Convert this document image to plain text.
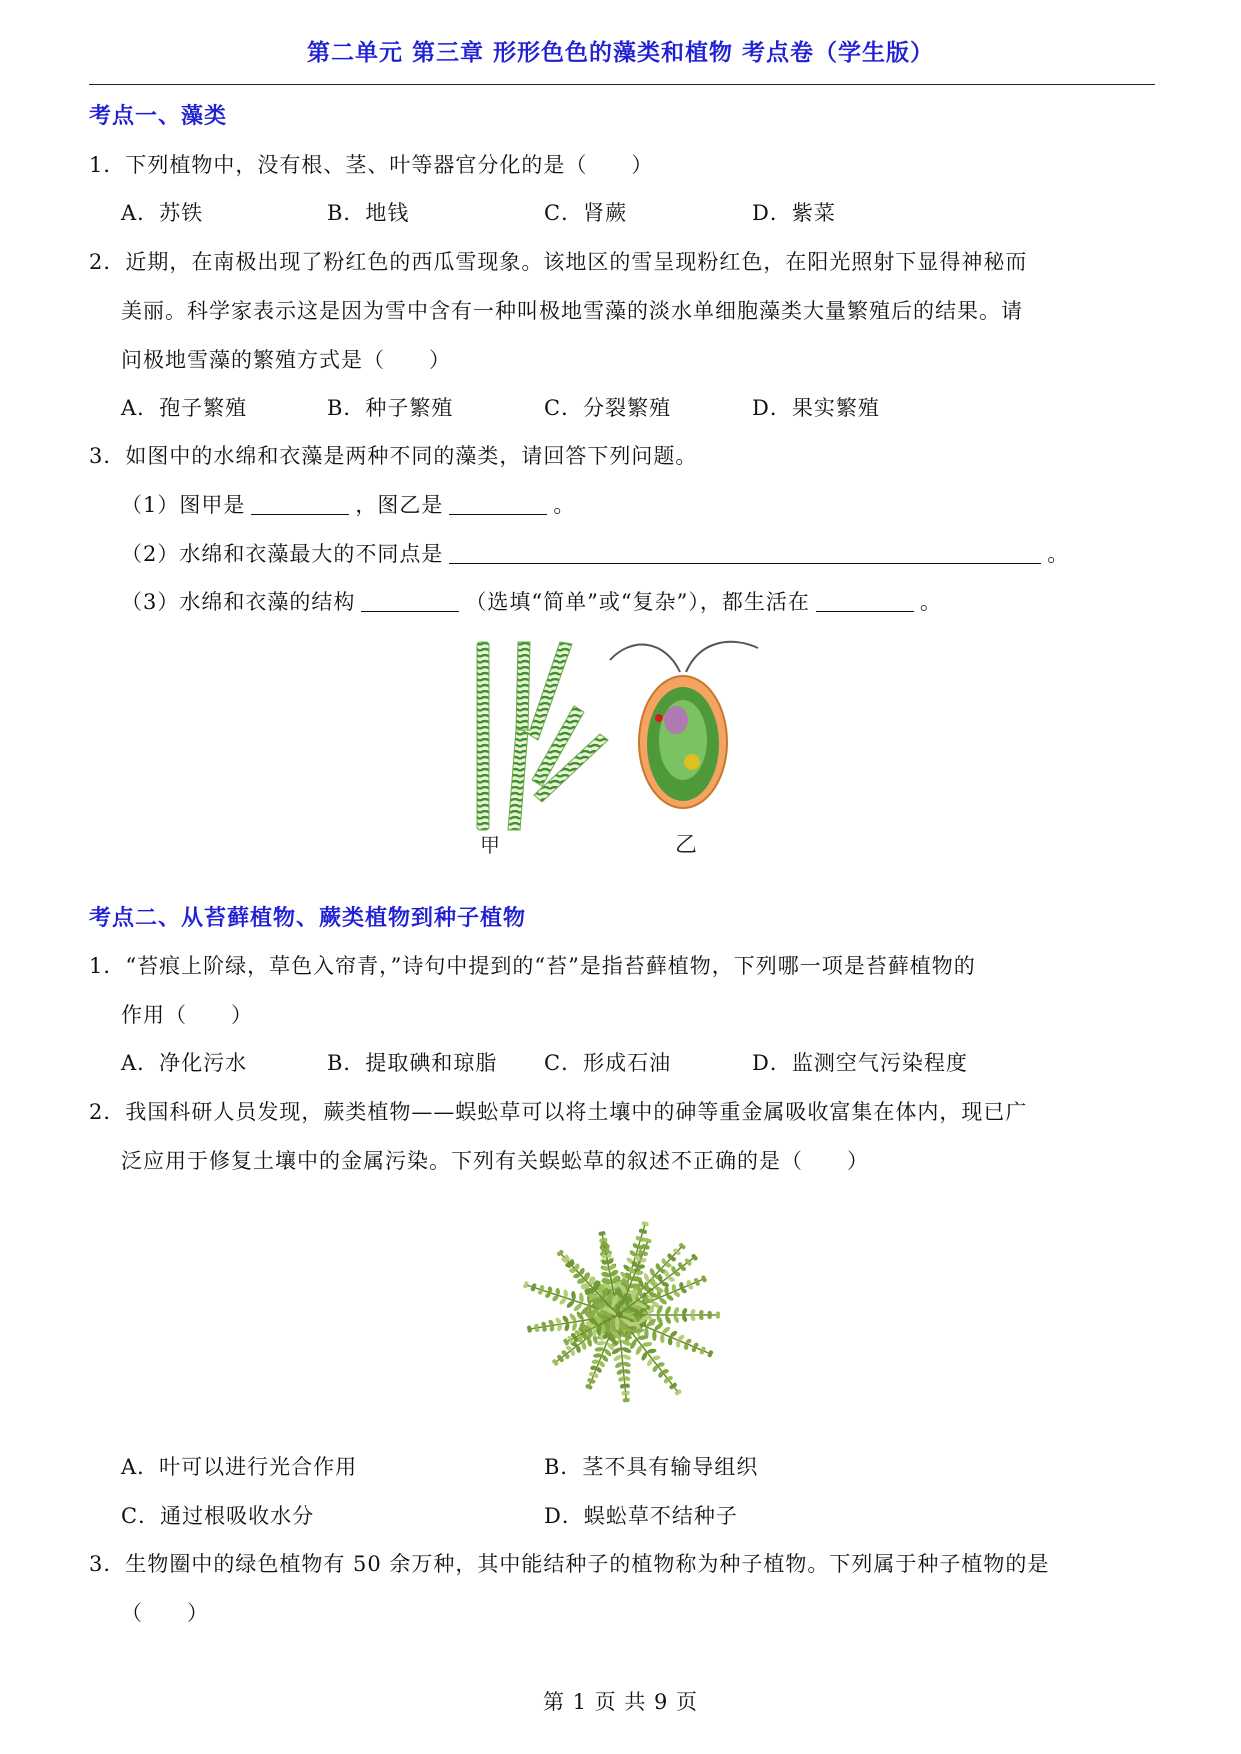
第二单元 第三章 形形色色的藻类和植物 考点卷（学生版）
考点一、藻类
1．下列植物中，没有根、茎、叶等器官分化的是（　　）
A．苏铁	B．地钱	C．肾蕨	D．紫菜
2．近期，在南极出现了粉红色的西瓜雪现象。该地区的雪呈现粉红色，在阳光照射下显得神秘而
美丽。科学家表示这是因为雪中含有一种叫极地雪藻的淡水单细胞藻类大量繁殖后的结果。请
问极地雪藻的繁殖方式是（　　）
A．孢子繁殖	B．种子繁殖	C．分裂繁殖	D．果实繁殖
3．如图中的水绵和衣藻是两种不同的藻类，请回答下列问题。
（1）图甲是	，图乙是	。
（2）水绵和衣藻最大的不同点是	。
（3）水绵和衣藻的结构	（选填“简单”或“复杂”），都生活在	。
甲	乙
考点二、从苔藓植物、蕨类植物到种子植物
1．“苔痕上阶绿，草色入帘青，”诗句中提到的“苔”是指苔藓植物，下列哪一项是苔藓植物的
作用（　　）
A．净化污水	B．提取碘和琼脂 C．形成石油	D．监测空气污染程度
2．我国科研人员发现，蕨类植物——蜈蚣草可以将土壤中的砷等重金属吸收富集在体内，现已广
泛应用于修复土壤中的金属污染。下列有关蜈蚣草的叙述不正确的是（　　）
A．叶可以进行光合作用	B．茎不具有输导组织
C．通过根吸收水分	D．蜈蚣草不结种子
3．生物圈中的绿色植物有 50 余万种，其中能结种子的植物称为种子植物。下列属于种子植物的是
（　　）
第 1 页 共 9 页
